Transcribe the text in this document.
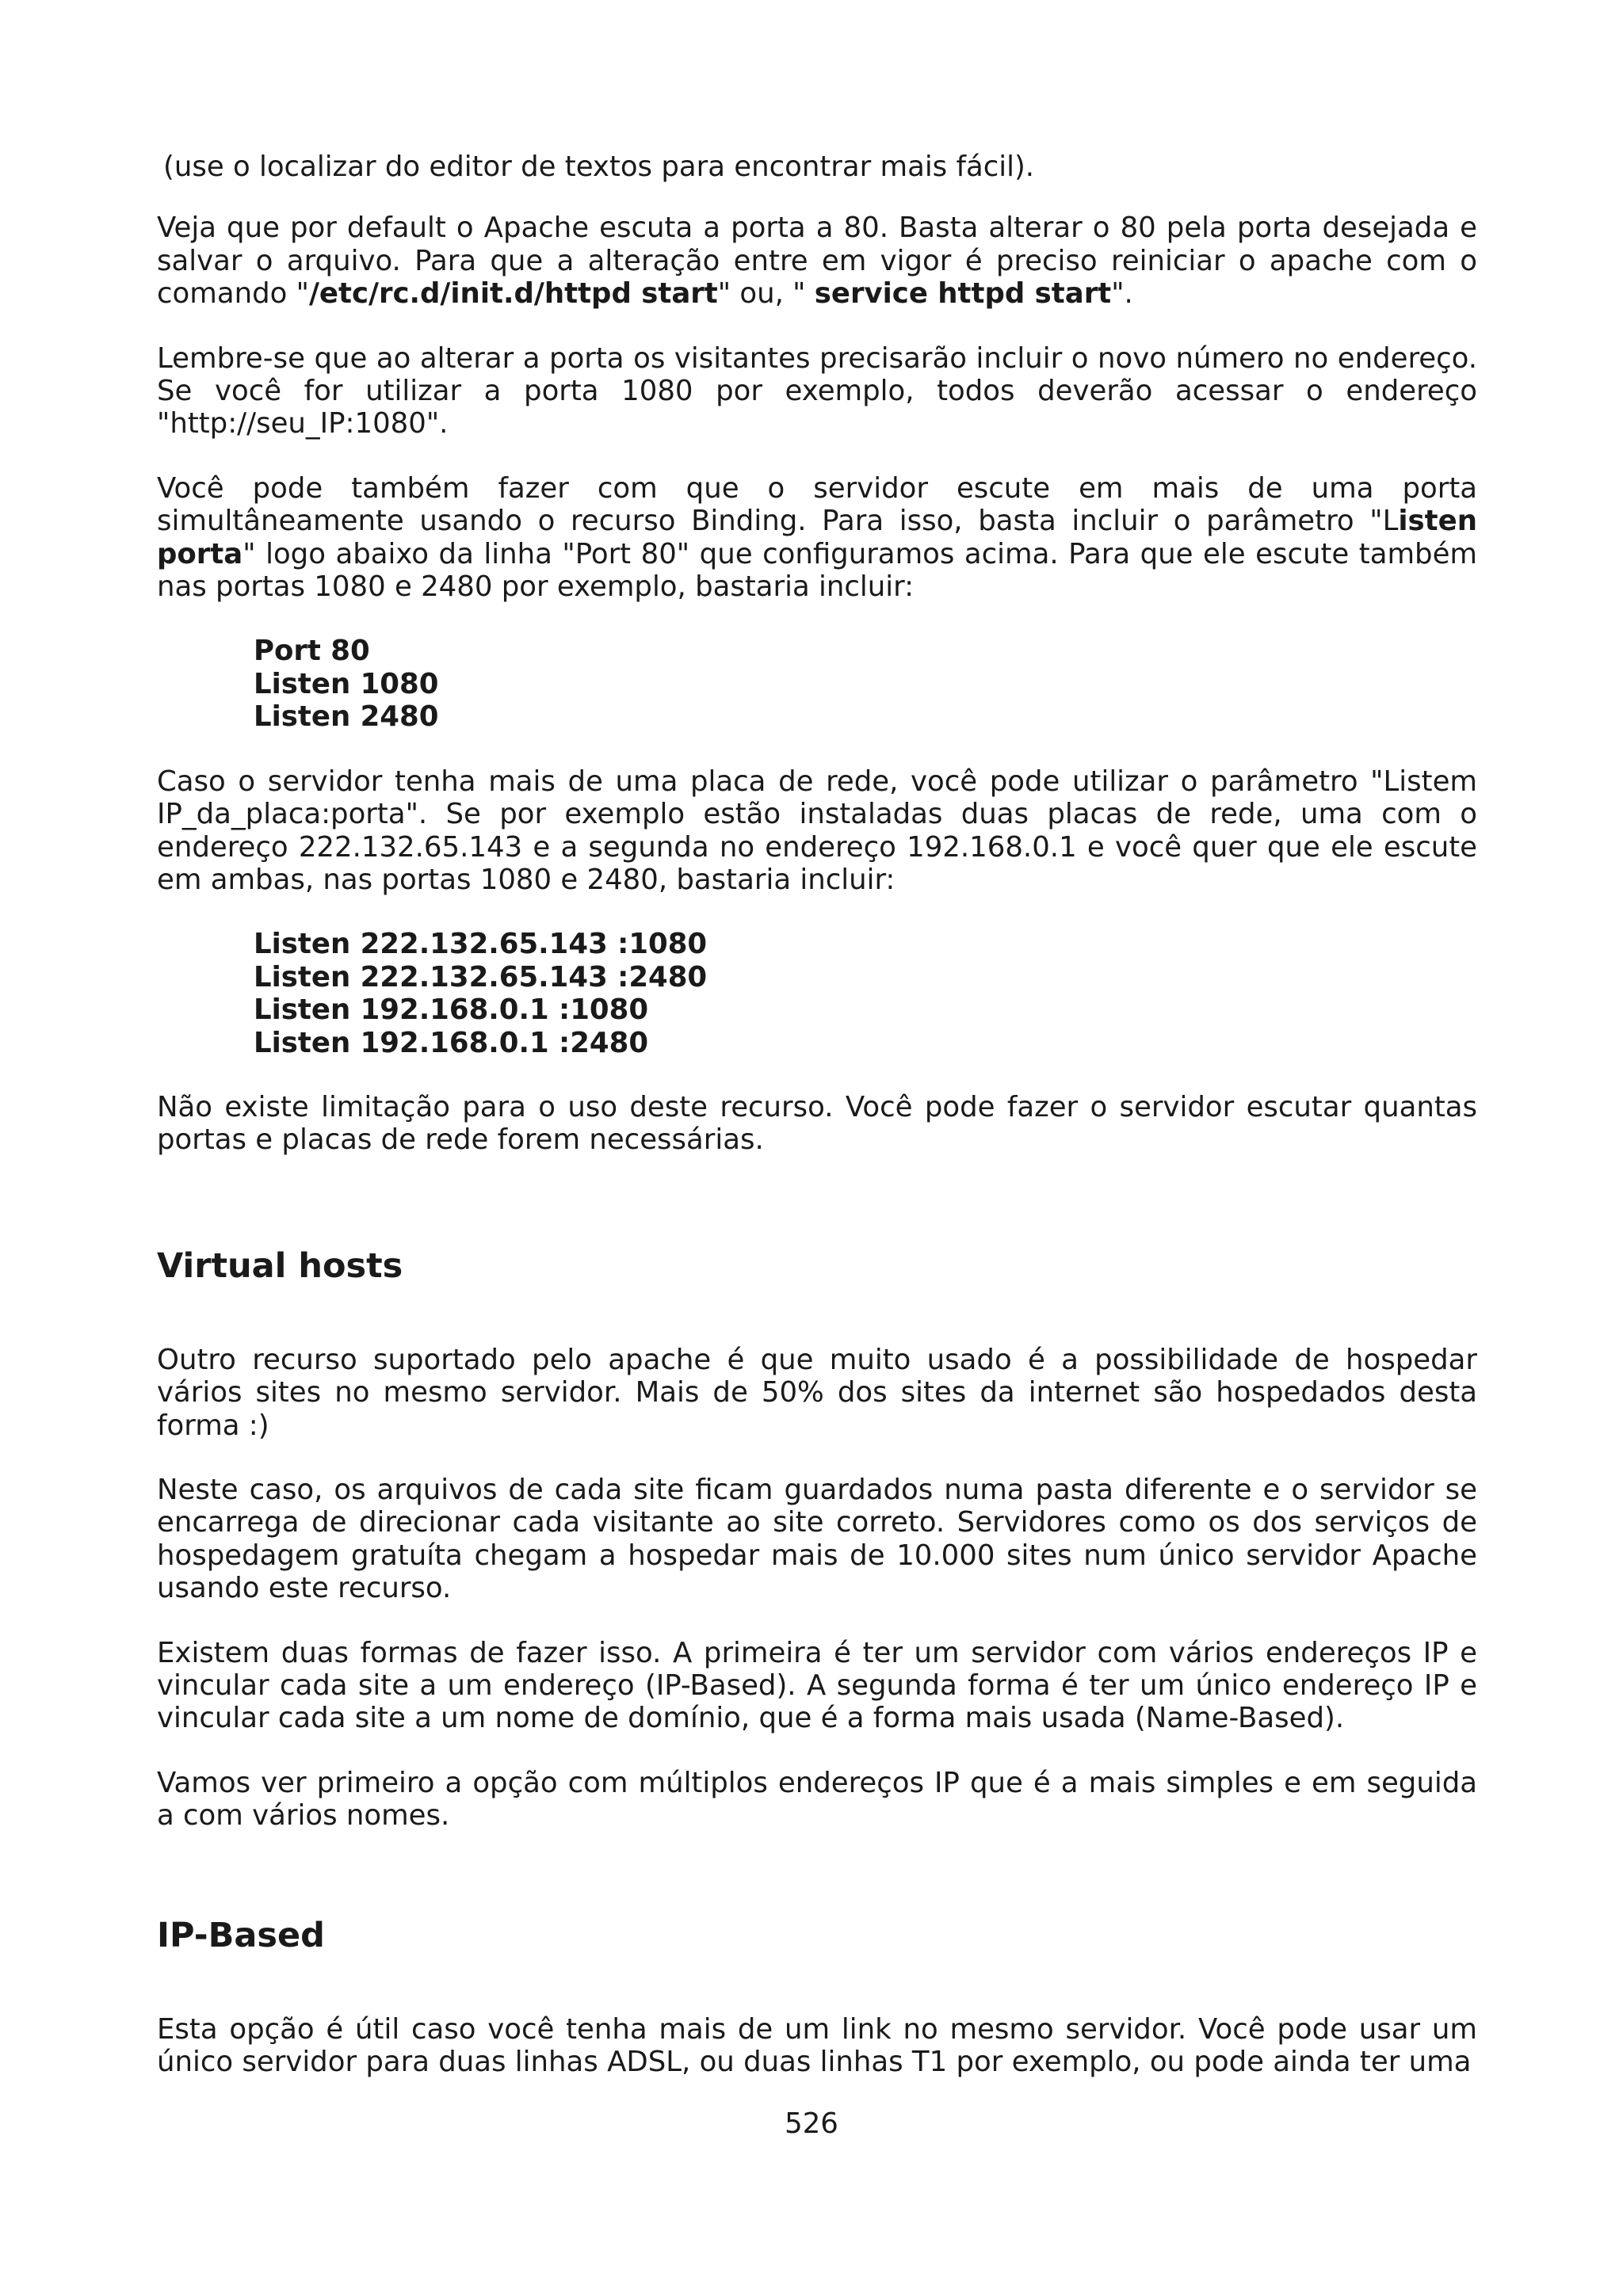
(use o localizar do editor de textos para encontrar mais fácil).

Veja que por default o Apache escuta a porta a 80. Basta alterar o 80 pela porta desejada e salvar o arquivo. Para que a alteração entre em vigor é preciso reiniciar o apache com o comando "/etc/rc.d/init.d/httpd start" ou, " service httpd start".

Lembre-se que ao alterar a porta os visitantes precisarão incluir o novo número no endereço. Se você for utilizar a porta 1080 por exemplo, todos deverão acessar o endereço "http://seu_IP:1080".

Você pode também fazer com que o servidor escute em mais de uma porta simultâneamente usando o recurso Binding. Para isso, basta incluir o parâmetro "Listen porta" logo abaixo da linha "Port 80" que configuramos acima. Para que ele escute também nas portas 1080 e 2480 por exemplo, bastaria incluir:

Port 80
Listen 1080
Listen 2480

Caso o servidor tenha mais de uma placa de rede, você pode utilizar o parâmetro "Listem IP_da_placa:porta". Se por exemplo estão instaladas duas placas de rede, uma com o endereço 222.132.65.143 e a segunda no endereço 192.168.0.1 e você quer que ele escute em ambas, nas portas 1080 e 2480, bastaria incluir:

Listen 222.132.65.143 :1080
Listen 222.132.65.143 :2480
Listen 192.168.0.1 :1080
Listen 192.168.0.1 :2480

Não existe limitação para o uso deste recurso. Você pode fazer o servidor escutar quantas portas e placas de rede forem necessárias.

Virtual hosts

Outro recurso suportado pelo apache é que muito usado é a possibilidade de hospedar vários sites no mesmo servidor. Mais de 50% dos sites da internet são hospedados desta forma :)

Neste caso, os arquivos de cada site ficam guardados numa pasta diferente e o servidor se encarrega de direcionar cada visitante ao site correto. Servidores como os dos serviços de hospedagem gratuíta chegam a hospedar mais de 10.000 sites num único servidor Apache usando este recurso.

Existem duas formas de fazer isso. A primeira é ter um servidor com vários endereços IP e vincular cada site a um endereço (IP-Based). A segunda forma é ter um único endereço IP e vincular cada site a um nome de domínio, que é a forma mais usada (Name-Based).

Vamos ver primeiro a opção com múltiplos endereços IP que é a mais simples e em seguida a com vários nomes.

IP-Based

Esta opção é útil caso você tenha mais de um link no mesmo servidor. Você pode usar um único servidor para duas linhas ADSL, ou duas linhas T1 por exemplo, ou pode ainda ter uma

526
